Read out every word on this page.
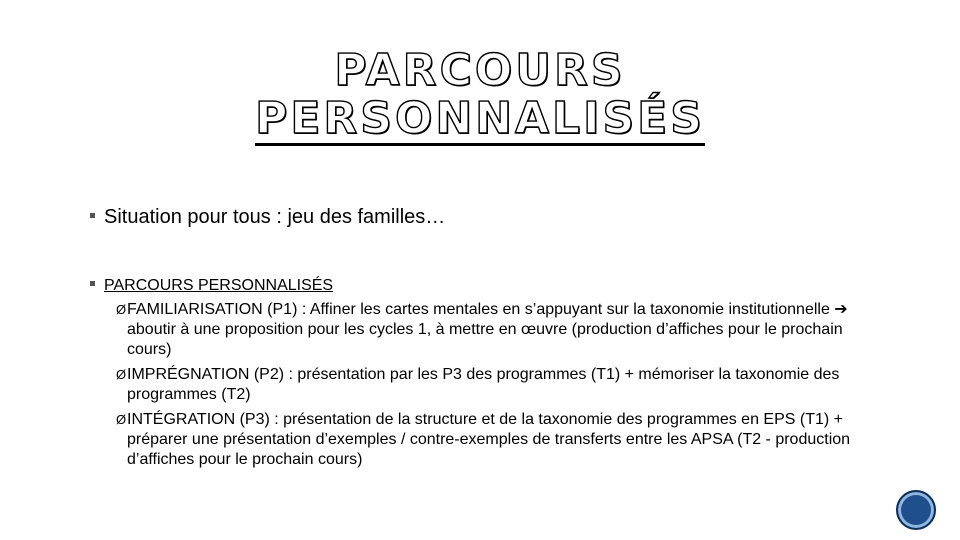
PARCOURS
PERSONNALISÉS
Situation pour tous : jeu des familles…
PARCOURS PERSONNALISÉS
Ø FAMILIARISATION (P1) : Affiner les cartes mentales en s’appuyant sur la taxonomie institutionnelle ➔ aboutir à une proposition pour les cycles 1, à mettre en œuvre (production d’affiches pour le prochain cours)
Ø IMPRÉGNATION (P2) : présentation par les P3 des programmes (T1) + mémoriser la taxonomie des programmes (T2)
Ø INTÉGRATION (P3) : présentation de la structure et de la taxonomie des programmes en EPS (T1) + préparer une présentation d’exemples / contre-exemples de transferts entre les APSA (T2 - production d’affiches pour le prochain cours)
